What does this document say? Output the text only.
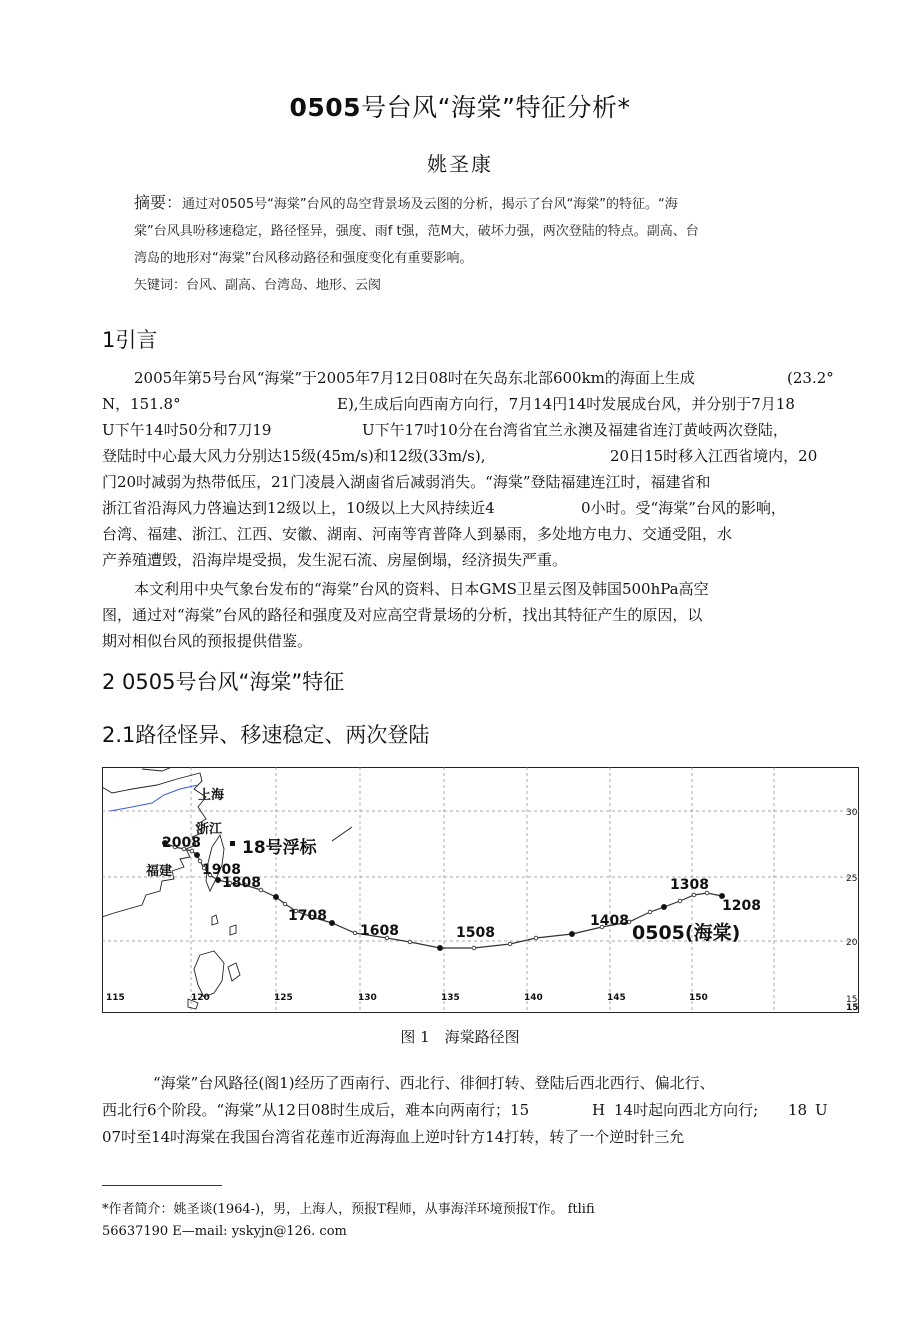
0505号台风“海棠”特征分析*
姚圣康
摘要：通过对0505号“海棠”台风的岛空背景场及云图的分析，揭示了台风“海棠”的特征。“海
棠”台风具吩移速稳定，路径怪异，强度、雨f t强，范M大，破坏力强，两次登陆的特点。副高、台
湾岛的地形对“海棠”台风移动路径和强度变化有重要影响。
矢键词：台风、副高、台湾岛、地形、云阂
1引言
2005年第5号台风“海棠”于2005年7月12日08吋在矢岛东北部600km的海面上生成	(23.2°
N，151.8°	E),生成后向西南方向行，7月14円14吋发展成台风，并分别于7月18
U下午14吋50分和7刀19	U下午17吋10分在台湾省宜兰永澳及福建省连汀黄岐两次登陆，
登陆时中心最大风力分别达15级(45m/s)和12级(33m/s),	20日15时移入江西省境内，20
门20吋减弱为热带低压，21门凌晨入湖鹵省后减弱消失。“海棠”登陆福建连江时，福建省和
浙江省沿海风力啓遍达到12级以上，10级以上大风持续近4	0小时。受“海棠”台风的影响，
台湾、福建、浙江、江西、安徽、湖南、河南等宵普降人到暴雨，多处地方电力、交通受阻，水
产养殖遭毁，沿海岸堤受损，发生泥石流、房屋倒塌，经济损失严重。
本文利用中央气象台发布的“海棠”台风的资料、日本GMS卫星云图及韩国500hPa高空
图，通过对“海棠”台风的路径和强度及对应高空背景场的分析，找出其特征产生的原因，以
期对相似台风的预报提供借鉴。
2 0505号台风“海棠”特征
2.1路径怪异、移速稳定、两次登陆
上海
浙江
福建
18号浮标
0505(海棠)
1208
1308
1408
1508
1608
1708
1808
1908
2008
115	120	125	130	135	140	145	150
15
30
25
20
15
图 1　海棠路径图
“海棠”台风路径(阁1)经历了西南行、西北行、徘徊打转、登陆后西北西行、偏北行、
西北行6个阶段。“海棠”从12日08时生成后，难本向两南行；15	H 14吋起向西北方向行; 18 U
07吋至14吋海棠在我国台湾省花莲市近海海血上逆吋针方14打转，转了一个逆时针三允
*作者简介：姚圣谈(1964-)，男，上海人，预报T程师，从事海洋环境预报T作。 ftlifi
56637190 E—mail: yskyjn@126. com
